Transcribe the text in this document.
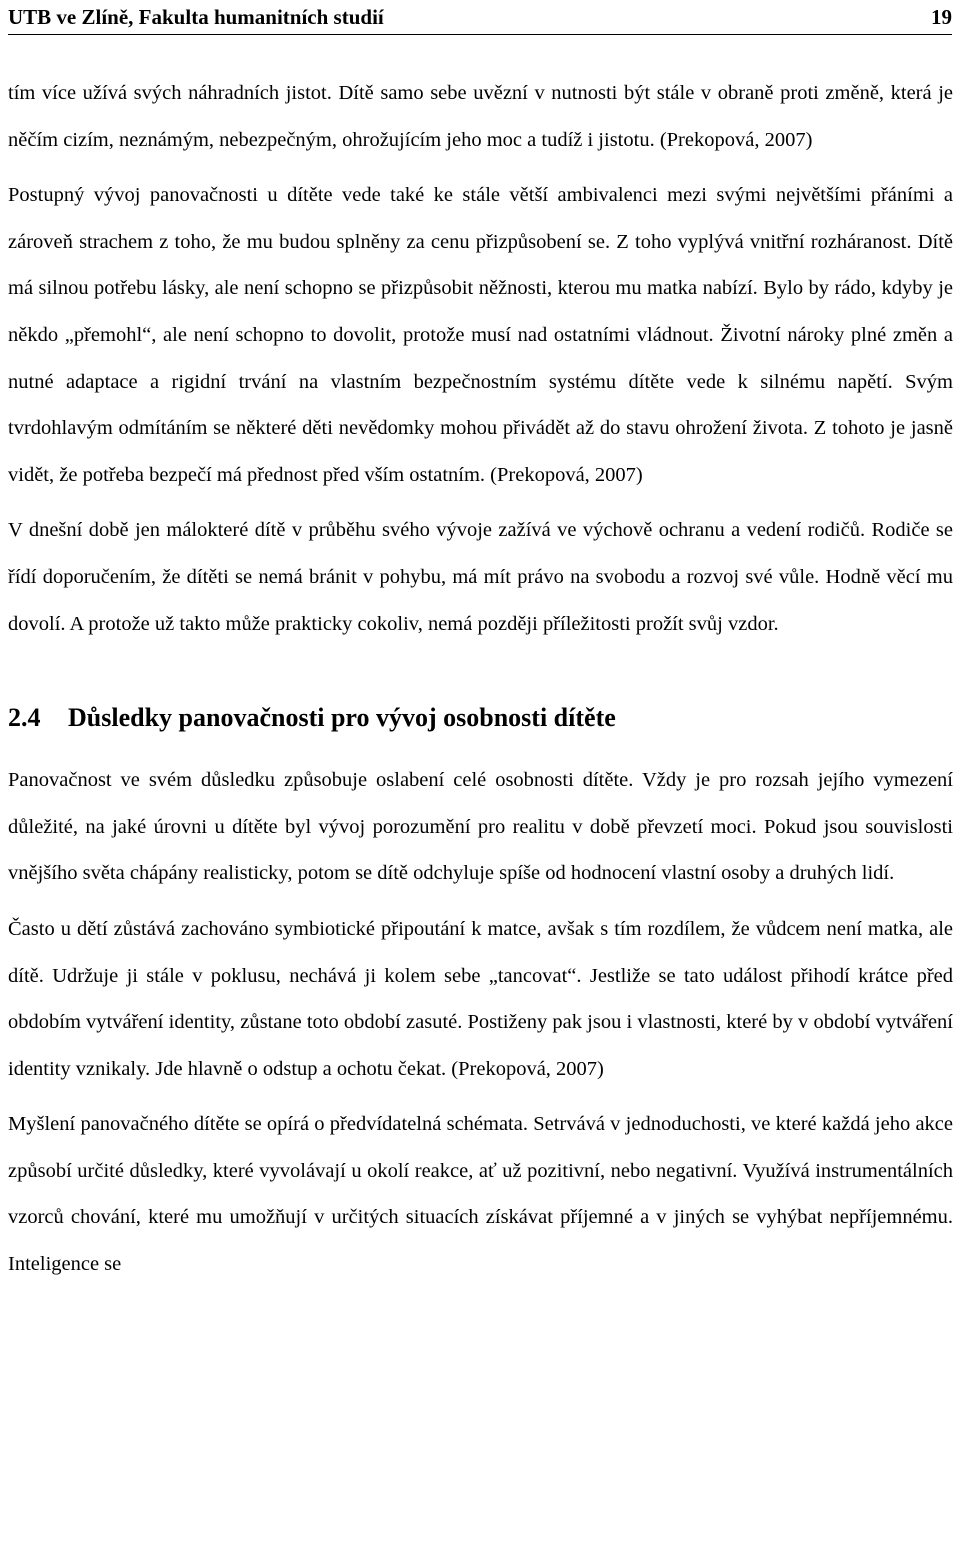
UTB ve Zlíně, Fakulta humanitních studií	19

tím více užívá svých náhradních jistot. Dítě samo sebe uvězní v nutnosti být stále v obraně proti změně, která je něčím cizím, neznámým, nebezpečným, ohrožujícím jeho moc a tudíž i jistotu. (Prekopová, 2007)

Postupný vývoj panovačnosti u dítěte vede také ke stále větší ambivalenci mezi svými největšími přáními a zároveň strachem z toho, že mu budou splněny za cenu přizpůsobení se. Z toho vyplývá vnitřní rozháranost. Dítě má silnou potřebu lásky, ale není schopno se přizpůsobit něžnosti, kterou mu matka nabízí. Bylo by rádo, kdyby je někdo „přemohl“, ale není schopno to dovolit, protože musí nad ostatními vládnout. Životní nároky plné změn a nutné adaptace a rigidní trvání na vlastním bezpečnostním systému dítěte vede k silnému napětí. Svým tvrdohlavým odmítáním se některé děti nevědomky mohou přivádět až do stavu ohrožení života. Z tohoto je jasně vidět, že potřeba bezpečí má přednost před vším ostatním. (Prekopová, 2007)

V dnešní době jen málokteré dítě v průběhu svého vývoje zažívá ve výchově ochranu a vedení rodičů. Rodiče se řídí doporučením, že dítěti se nemá bránit v pohybu, má mít právo na svobodu a rozvoj své vůle. Hodně věcí mu dovolí. A protože už takto může prakticky cokoliv, nemá později příležitosti prožít svůj vzdor.

2.4	Důsledky panovačnosti pro vývoj osobnosti dítěte

Panovačnost ve svém důsledku způsobuje oslabení celé osobnosti dítěte. Vždy je pro rozsah jejího vymezení důležité, na jaké úrovni u dítěte byl vývoj porozumění pro realitu v době převzetí moci. Pokud jsou souvislosti vnějšího světa chápány realisticky, potom se dítě odchyluje spíše od hodnocení vlastní osoby a druhých lidí.

Často u dětí zůstává zachováno symbiotické připoutání k matce, avšak s tím rozdílem, že vůdcem není matka, ale dítě. Udržuje ji stále v poklusu, nechává ji kolem sebe „tancovat“. Jestliže se tato událost přihodí krátce před obdobím vytváření identity, zůstane toto období zasuté. Postiženy pak jsou i vlastnosti, které by v období vytváření identity vznikaly. Jde hlavně o odstup a ochotu čekat. (Prekopová, 2007)

Myšlení panovačného dítěte se opírá o předvídatelná schémata. Setrvává v jednoduchosti, ve které každá jeho akce způsobí určité důsledky, které vyvolávají u okolí reakce, ať už pozitivní, nebo negativní. Využívá instrumentálních vzorců chování, které mu umožňují v určitých situacích získávat příjemné a v jiných se vyhýbat nepříjemnému. Inteligence se
